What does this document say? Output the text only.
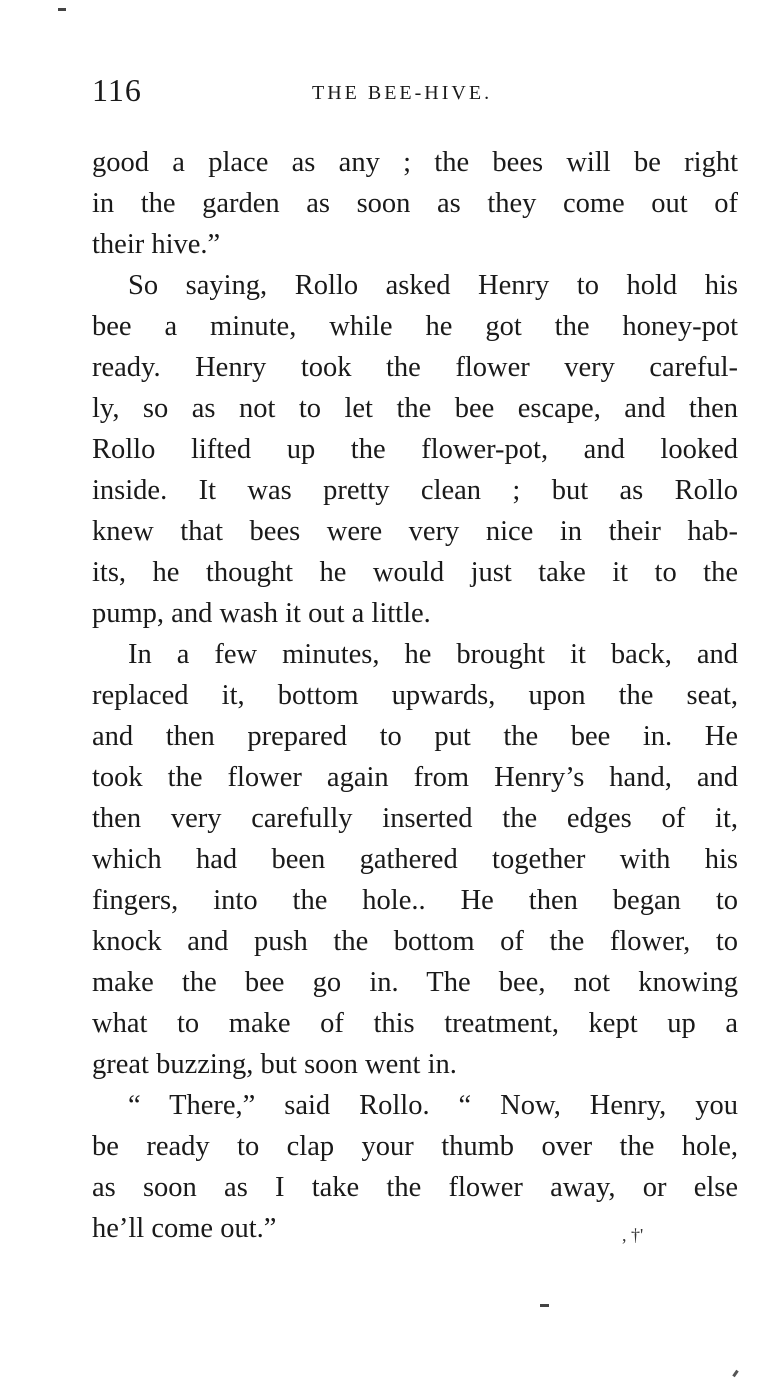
116	THE BEE-HIVE.
good a place as any ; the bees will be right
in the garden as soon as they come out of
their hive.”
So saying, Rollo asked Henry to hold his
bee a minute, while he got the honey-pot
ready. Henry took the flower very careful-
ly, so as not to let the bee escape, and then
Rollo lifted up the flower-pot, and looked
inside. It was pretty clean ; but as Rollo
knew that bees were very nice in their hab-
its, he thought he would just take it to the
pump, and wash it out a little.
In a few minutes, he brought it back, and
replaced it, bottom upwards, upon the seat,
and then prepared to put the bee in. He
took the flower again from Henry’s hand, and
then very carefully inserted the edges of it,
which had been gathered together with his
fingers, into the hole.. He then began to
knock and push the bottom of the flower, to
make the bee go in. The bee, not knowing
what to make of this treatment, kept up a
great buzzing, but soon went in.
“ There,” said Rollo. “ Now, Henry, you
be ready to clap your thumb over the hole,
as soon as I take the flower away, or else
he’ll come out.”	, †'
